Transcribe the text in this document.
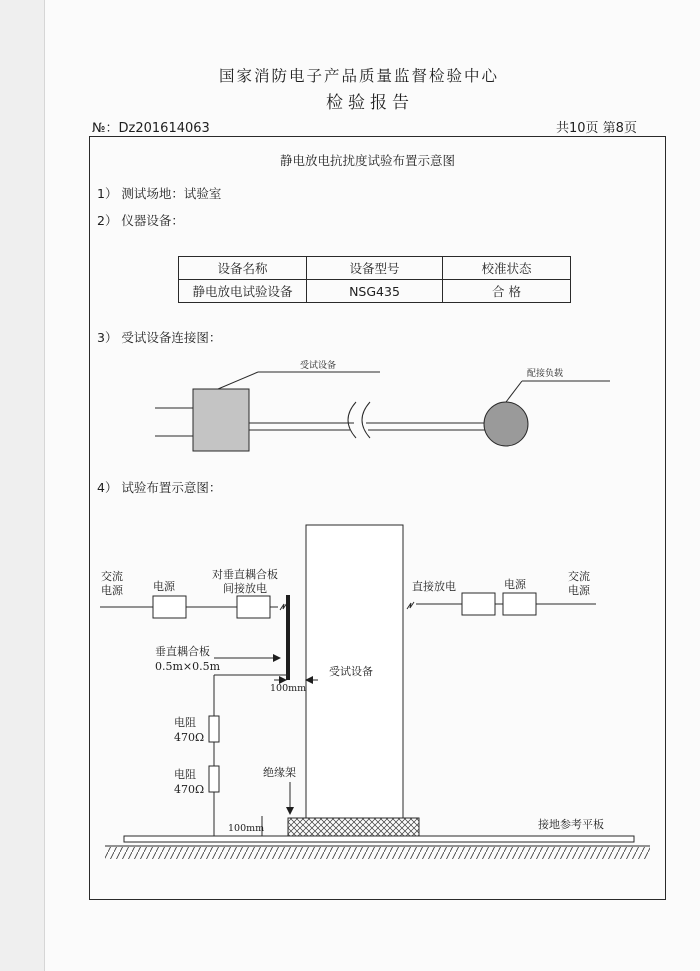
国家消防电子产品质量监督检验中心
检验报告
№：Dz201614063	共10页 第8页
静电放电抗扰度试验布置示意图
1） 测试场地：试验室
2） 仪器设备：
设备名称	设备型号	校准状态
静电放电试验设备	NSG435	合 格
3） 受试设备连接图：
4） 试验布置示意图：
受试设备
配接负载
交流
电源	电源
对垂直耦合板
间接放电	直接放电	电源
交流
电源
垂直耦合板
0.5m×0.5m
100mm
受试设备
电阻
470Ω
电阻
470Ω
绝缘架
100mm	接地参考平板
